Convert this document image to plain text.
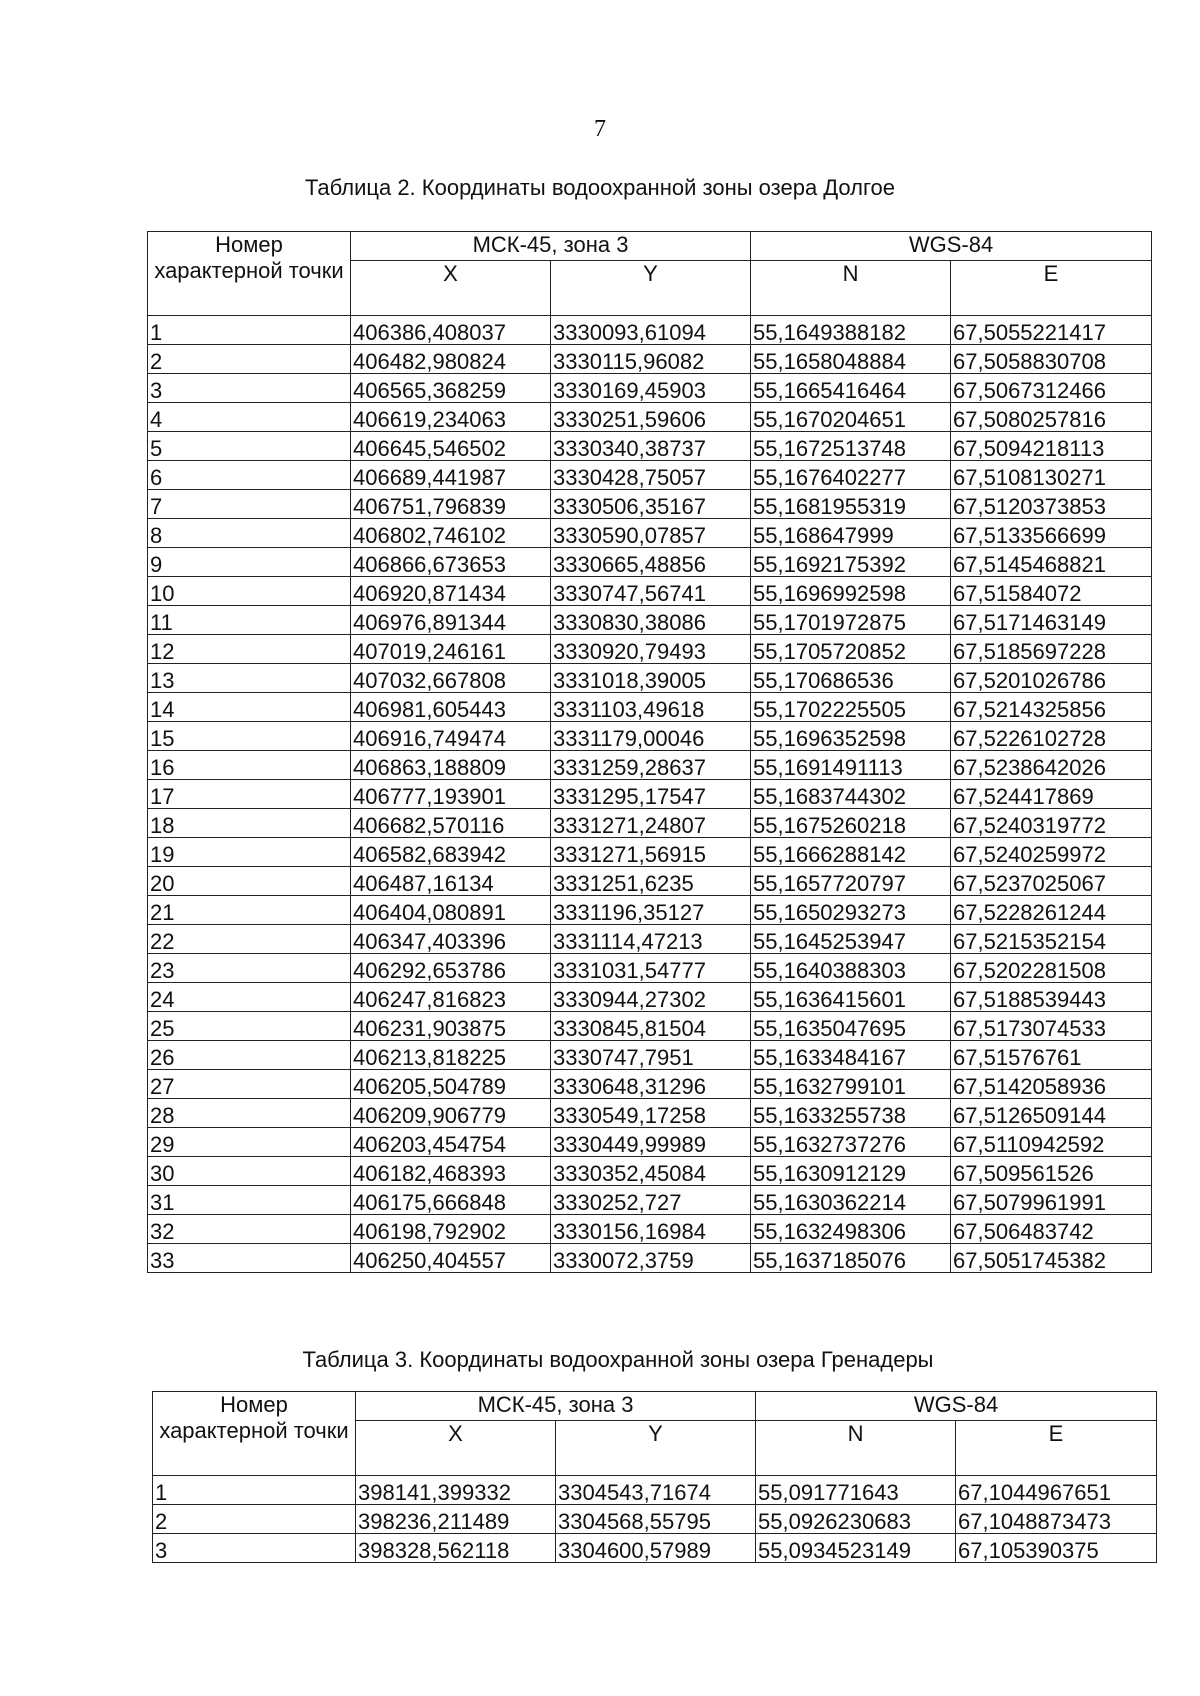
7
Таблица 2. Координаты водоохранной зоны озера Долгое
Номер характерной точки	МСК-45, зона 3		WGS-84	
	X	Y	N	E
1	406386,408037	3330093,61094	55,1649388182	67,5055221417
2	406482,980824	3330115,96082	55,1658048884	67,5058830708
3	406565,368259	3330169,45903	55,1665416464	67,5067312466
4	406619,234063	3330251,59606	55,1670204651	67,5080257816
5	406645,546502	3330340,38737	55,1672513748	67,5094218113
6	406689,441987	3330428,75057	55,1676402277	67,5108130271
7	406751,796839	3330506,35167	55,1681955319	67,5120373853
8	406802,746102	3330590,07857	55,168647999	67,5133566699
9	406866,673653	3330665,48856	55,1692175392	67,5145468821
10	406920,871434	3330747,56741	55,1696992598	67,51584072
11	406976,891344	3330830,38086	55,1701972875	67,5171463149
12	407019,246161	3330920,79493	55,1705720852	67,5185697228
13	407032,667808	3331018,39005	55,170686536	67,5201026786
14	406981,605443	3331103,49618	55,1702225505	67,5214325856
15	406916,749474	3331179,00046	55,1696352598	67,5226102728
16	406863,188809	3331259,28637	55,1691491113	67,5238642026
17	406777,193901	3331295,17547	55,1683744302	67,524417869
18	406682,570116	3331271,24807	55,1675260218	67,5240319772
19	406582,683942	3331271,56915	55,1666288142	67,5240259972
20	406487,16134	3331251,6235	55,1657720797	67,5237025067
21	406404,080891	3331196,35127	55,1650293273	67,5228261244
22	406347,403396	3331114,47213	55,1645253947	67,5215352154
23	406292,653786	3331031,54777	55,1640388303	67,5202281508
24	406247,816823	3330944,27302	55,1636415601	67,5188539443
25	406231,903875	3330845,81504	55,1635047695	67,5173074533
26	406213,818225	3330747,7951	55,1633484167	67,51576761
27	406205,504789	3330648,31296	55,1632799101	67,5142058936
28	406209,906779	3330549,17258	55,1633255738	67,5126509144
29	406203,454754	3330449,99989	55,1632737276	67,5110942592
30	406182,468393	3330352,45084	55,1630912129	67,509561526
31	406175,666848	3330252,727	55,1630362214	67,5079961991
32	406198,792902	3330156,16984	55,1632498306	67,506483742
33	406250,404557	3330072,3759	55,1637185076	67,5051745382
Таблица 3. Координаты водоохранной зоны озера Гренадеры
Номер характерной точки	МСК-45, зона 3		WGS-84	
	X	Y	N	E
1	398141,399332	3304543,71674	55,091771643	67,1044967651
2	398236,211489	3304568,55795	55,0926230683	67,1048873473
3	398328,562118	3304600,57989	55,0934523149	67,105390375
